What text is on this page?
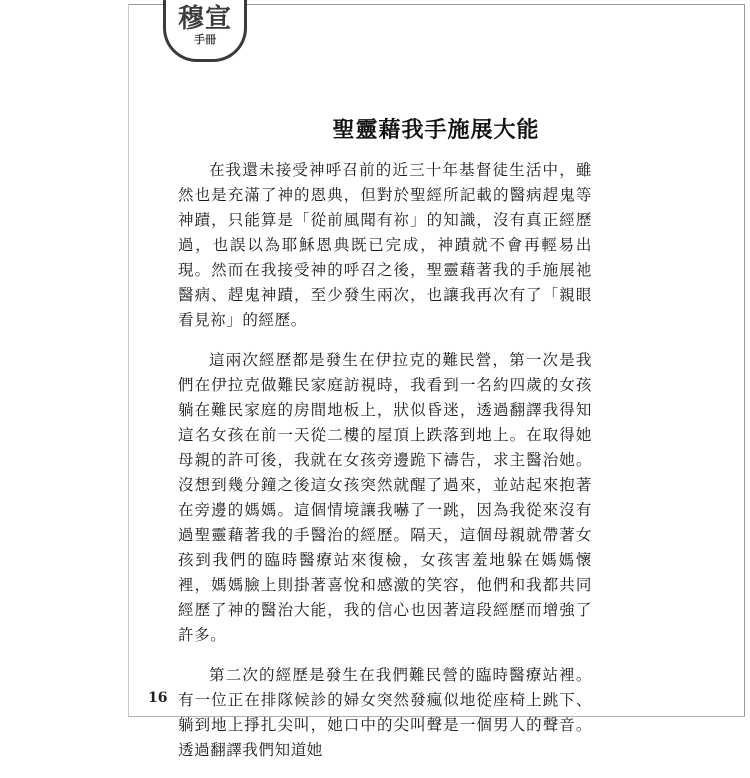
穆宣
手冊
聖靈藉我手施展大能

在我還未接受神呼召前的近三十年基督徒生活中，雖然也是充滿了神的恩典，但對於聖經所記載的醫病趕鬼等神蹟，只能算是「從前風聞有祢」的知識，沒有真正經歷過，也誤以為耶穌恩典既已完成，神蹟就不會再輕易出現。然而在我接受神的呼召之後，聖靈藉著我的手施展祂醫病、趕鬼神蹟，至少發生兩次，也讓我再次有了「親眼看見祢」的經歷。

這兩次經歷都是發生在伊拉克的難民營，第一次是我們在伊拉克做難民家庭訪視時，我看到一名約四歲的女孩躺在難民家庭的房間地板上，狀似昏迷，透過翻譯我得知這名女孩在前一天從二樓的屋頂上跌落到地上。在取得她母親的許可後，我就在女孩旁邊跪下禱告，求主醫治她。沒想到幾分鐘之後這女孩突然就醒了過來，並站起來抱著在旁邊的媽媽。這個情境讓我嚇了一跳，因為我從來沒有過聖靈藉著我的手醫治的經歷。隔天，這個母親就帶著女孩到我們的臨時醫療站來復檢，女孩害羞地躲在媽媽懷裡，媽媽臉上則掛著喜悅和感激的笑容，他們和我都共同經歷了神的醫治大能，我的信心也因著這段經歷而增強了許多。

第二次的經歷是發生在我們難民營的臨時醫療站裡。有一位正在排隊候診的婦女突然發瘋似地從座椅上跳下、躺到地上掙扎尖叫，她口中的尖叫聲是一個男人的聲音。透過翻譯我們知道她

16
